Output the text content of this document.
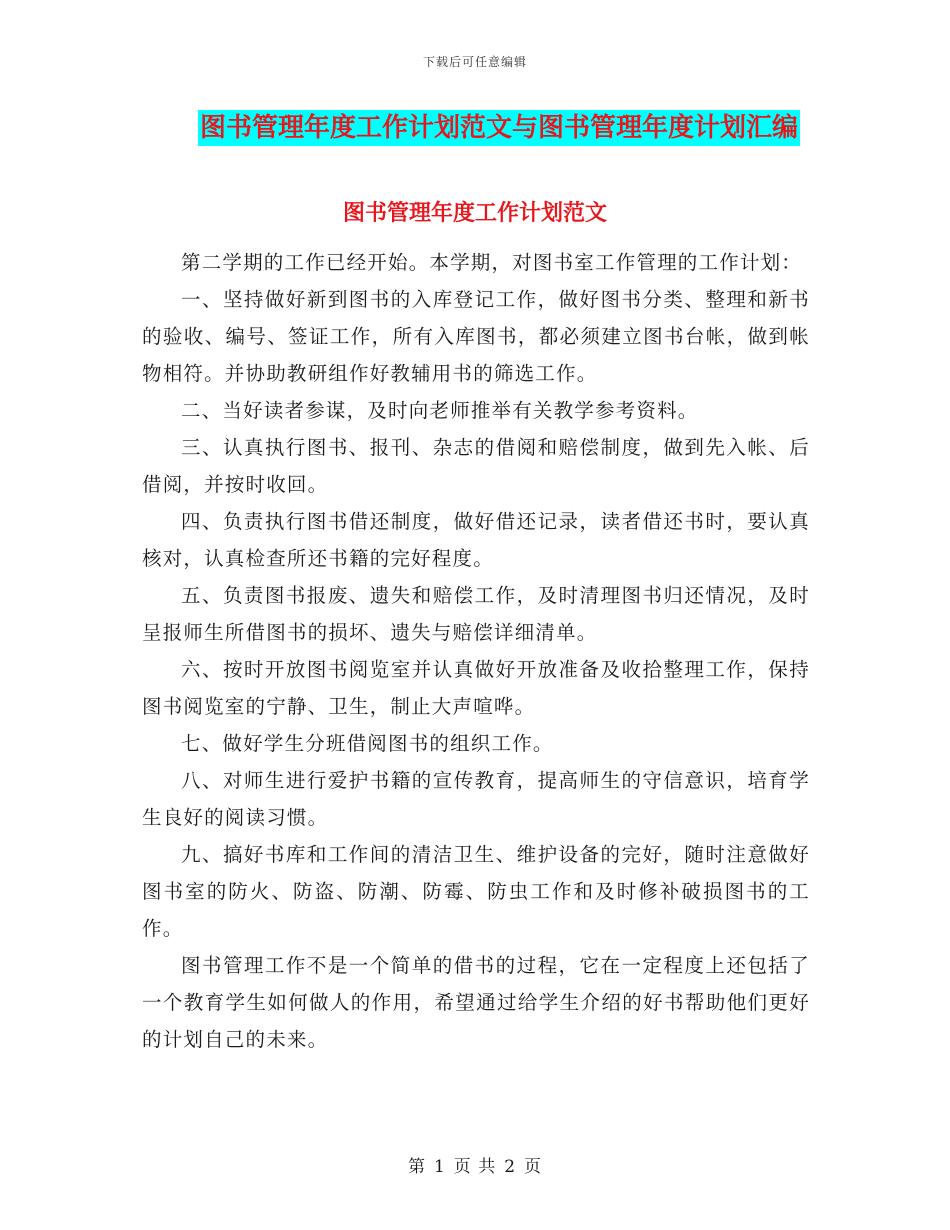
下载后可任意编辑
图书管理年度工作计划范文与图书管理年度计划汇编
图书管理年度工作计划范文

第二学期的工作已经开始。本学期，对图书室工作管理的工作计划：

一、坚持做好新到图书的入库登记工作，做好图书分类、整理和新书的验收、编号、签证工作，所有入库图书，都必须建立图书台帐，做到帐物相符。并协助教研组作好教辅用书的筛选工作。

二、当好读者参谋，及时向老师推举有关教学参考资料。

三、认真执行图书、报刊、杂志的借阅和赔偿制度，做到先入帐、后借阅，并按时收回。

四、负责执行图书借还制度，做好借还记录，读者借还书时，要认真核对，认真检查所还书籍的完好程度。

五、负责图书报废、遗失和赔偿工作，及时清理图书归还情况，及时呈报师生所借图书的损坏、遗失与赔偿详细清单。

六、按时开放图书阅览室并认真做好开放准备及收拾整理工作，保持图书阅览室的宁静、卫生，制止大声喧哗。

七、做好学生分班借阅图书的组织工作。

八、对师生进行爱护书籍的宣传教育，提高师生的守信意识，培育学生良好的阅读习惯。

九、搞好书库和工作间的清洁卫生、维护设备的完好，随时注意做好图书室的防火、防盗、防潮、防霉、防虫工作和及时修补破损图书的工作。

图书管理工作不是一个简单的借书的过程，它在一定程度上还包括了一个教育学生如何做人的作用，希望通过给学生介绍的好书帮助他们更好的计划自己的未来。

第 1 页 共 2 页
